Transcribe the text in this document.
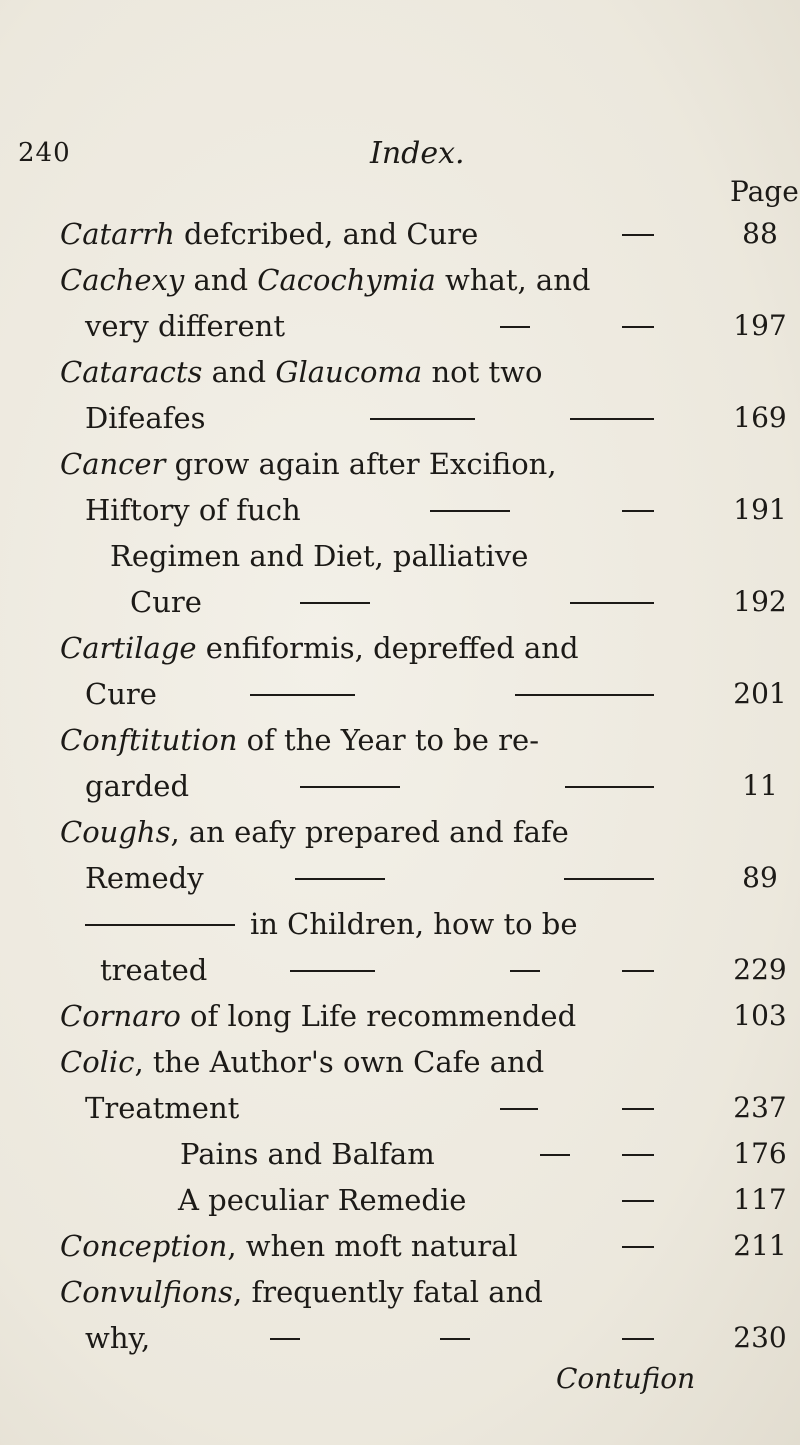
240	Index.
Page
Catarrh defcribed, and Cure	88
Cachexy and Cacochymia what, and
very different	197
Cataracts and Glaucoma not two
Difeafes	169
Cancer grow again after Excifion,
Hiftory of fuch	191
Regimen and Diet, palliative
Cure	192
Cartilage enfiformis, depreffed and
Cure	201
Conftitution of the Year to be re-
garded	11
Coughs, an eafy prepared and fafe
Remedy	89
in Children, how to be
treated	229
Cornaro of long Life recommended	103
Colic, the Author's own Cafe and
Treatment	237
Pains and Balfam	176
A peculiar Remedie	117
Conception, when moft natural	211
Convulfions, frequently fatal and
why,	230
Contufion
